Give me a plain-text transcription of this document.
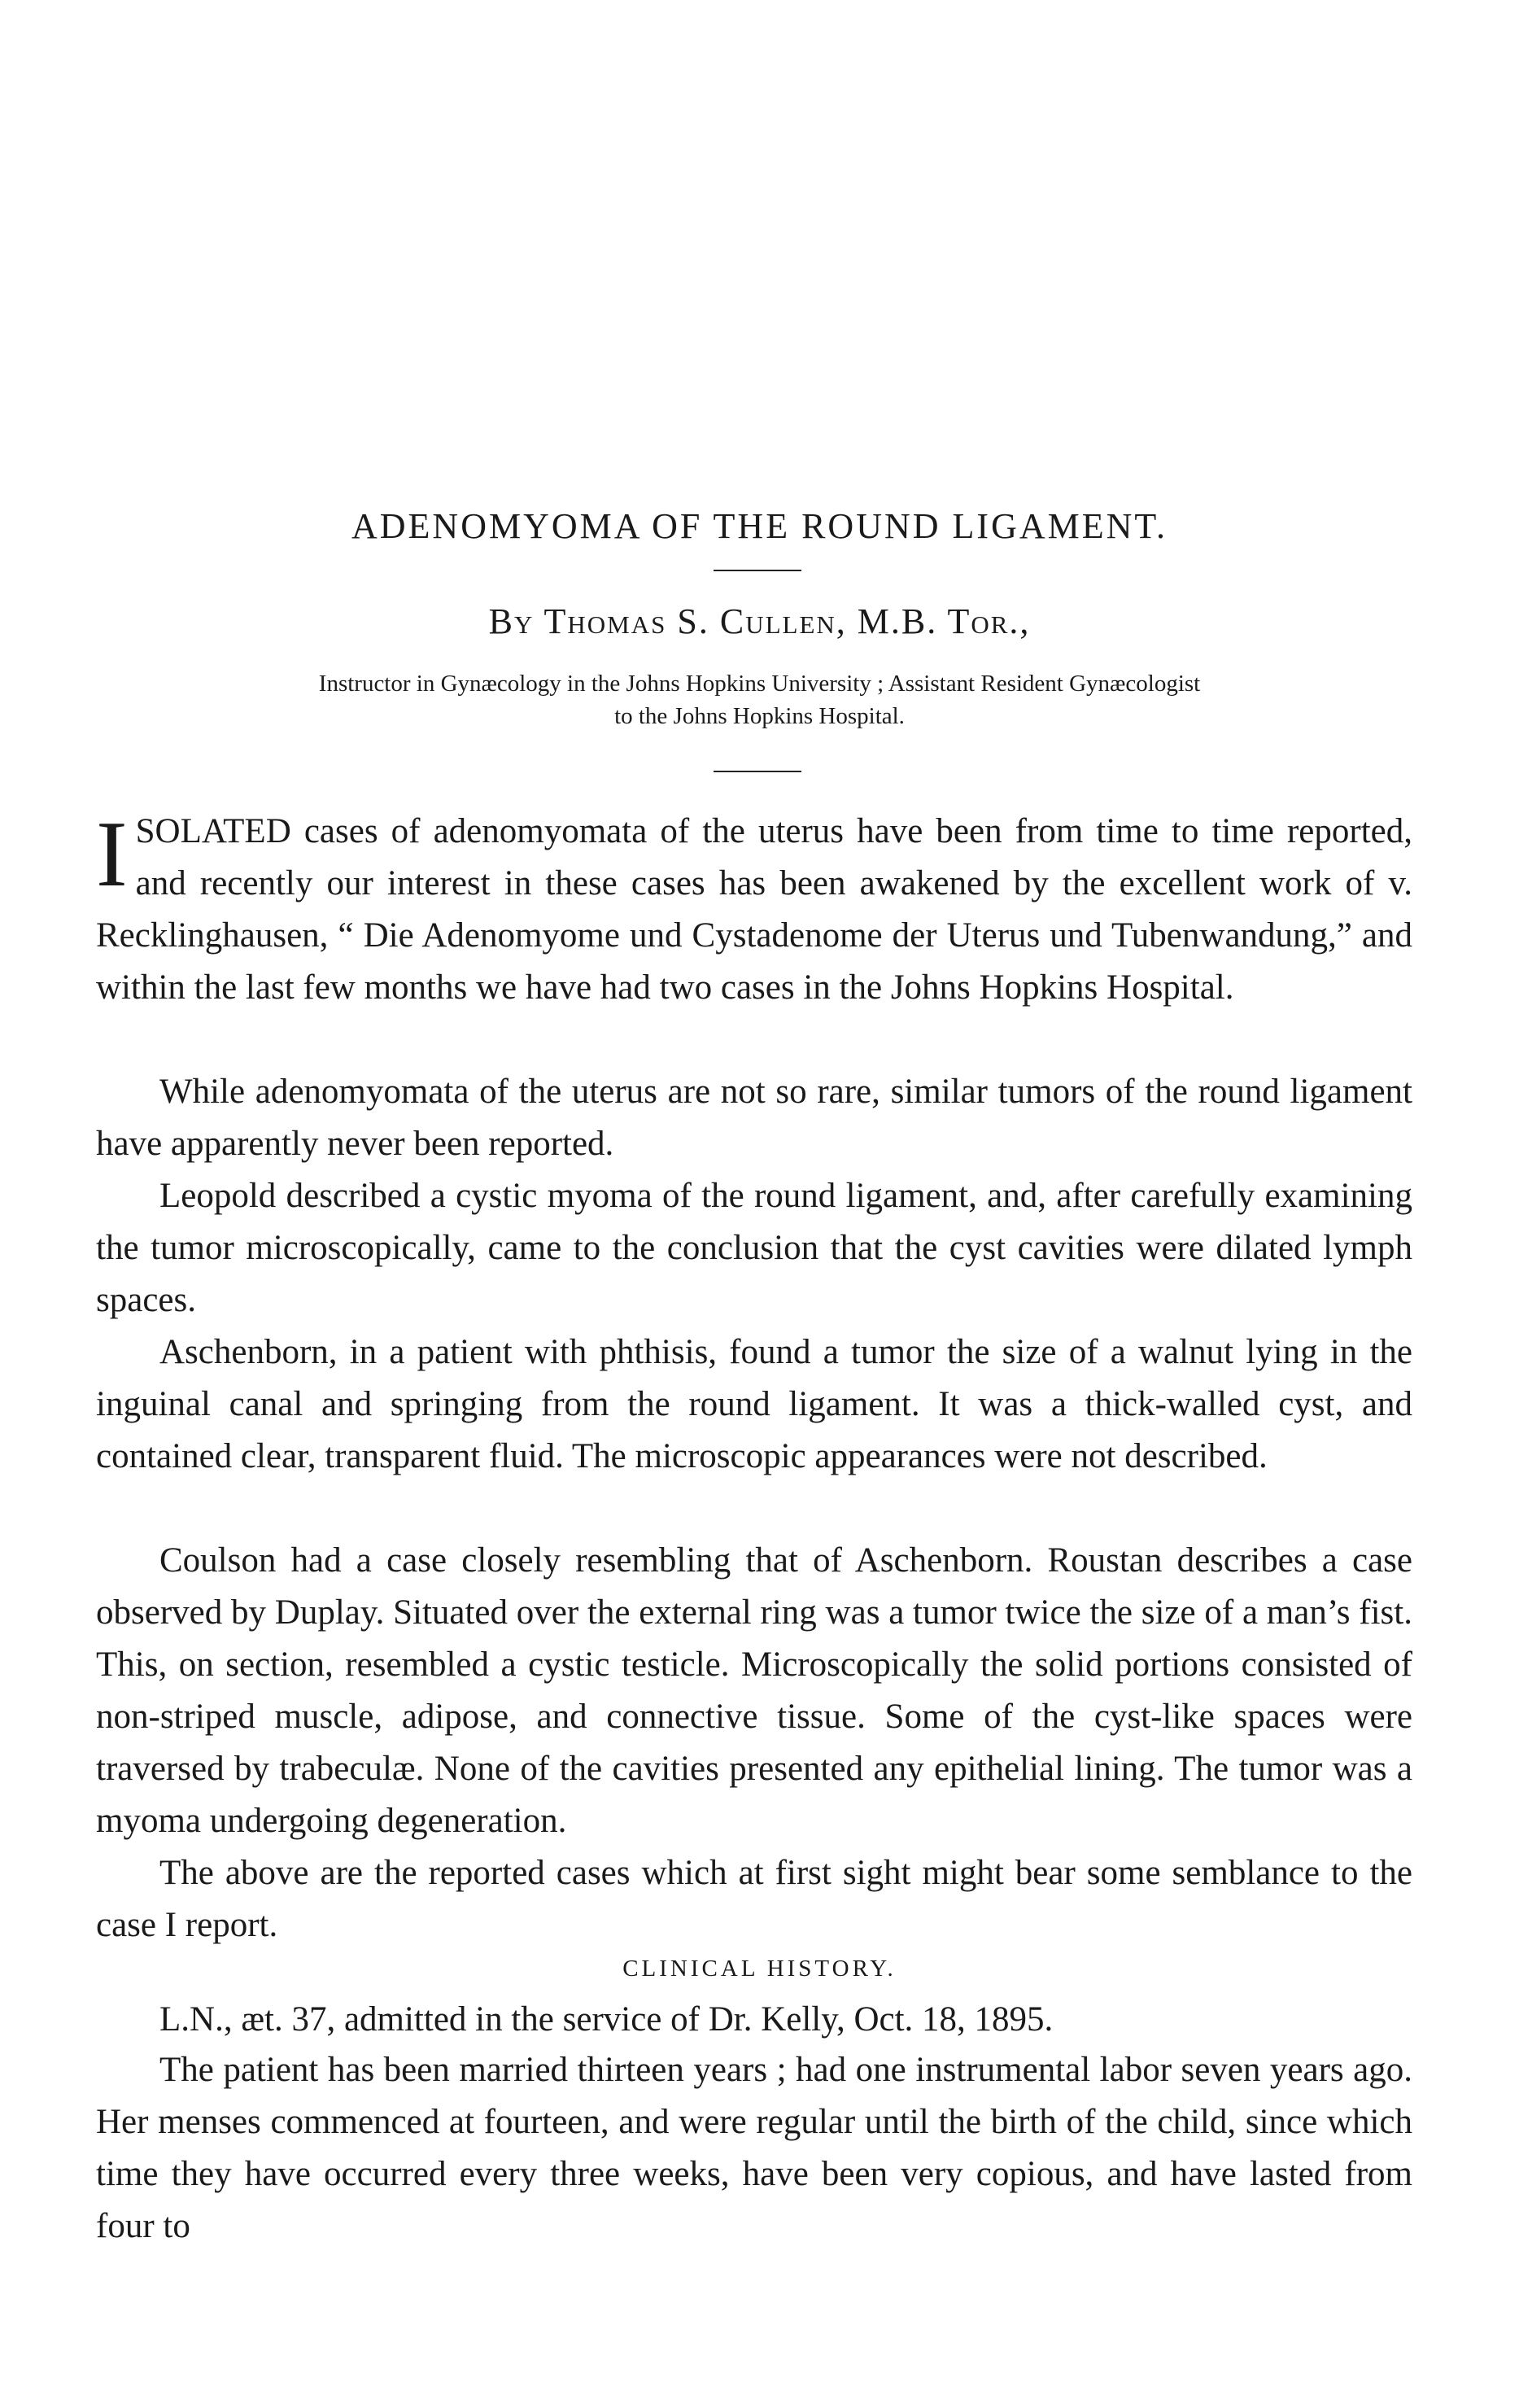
ADENOMYOMA OF THE ROUND LIGAMENT.
By Thomas S. Cullen, M.B. Tor.,
Instructor in Gynæcology in the Johns Hopkins University ; Assistant Resident Gynæcologist
to the Johns Hopkins Hospital.

ISOLATED cases of adenomyomata of the uterus have been from time to time reported, and recently our interest in these cases has been awakened by the excellent work of v. Recklinghausen, “ Die Adenomyome und Cystadenome der Uterus und Tubenwandung,” and within the last few months we have had two cases in the Johns Hopkins Hospital.

While adenomyomata of the uterus are not so rare, similar tumors of the round ligament have apparently never been reported.

Leopold described a cystic myoma of the round ligament, and, after carefully examining the tumor microscopically, came to the conclusion that the cyst cavities were dilated lymph spaces.

Aschenborn, in a patient with phthisis, found a tumor the size of a walnut lying in the inguinal canal and springing from the round ligament. It was a thick-walled cyst, and contained clear, transparent fluid. The microscopic appearances were not described.

Coulson had a case closely resembling that of Aschenborn. Roustan describes a case observed by Duplay. Situated over the external ring was a tumor twice the size of a man’s fist. This, on section, resembled a cystic testicle. Microscopically the solid portions consisted of non-striped muscle, adipose, and connective tissue. Some of the cyst-like spaces were traversed by trabeculæ. None of the cavities presented any epithelial lining. The tumor was a myoma undergoing degeneration.

The above are the reported cases which at first sight might bear some semblance to the case I report.

CLINICAL HISTORY.

L.N., æt. 37, admitted in the service of Dr. Kelly, Oct. 18, 1895.

The patient has been married thirteen years ; had one instrumental labor seven years ago. Her menses commenced at fourteen, and were regular until the birth of the child, since which time they have occurred every three weeks, have been very copious, and have lasted from four to
